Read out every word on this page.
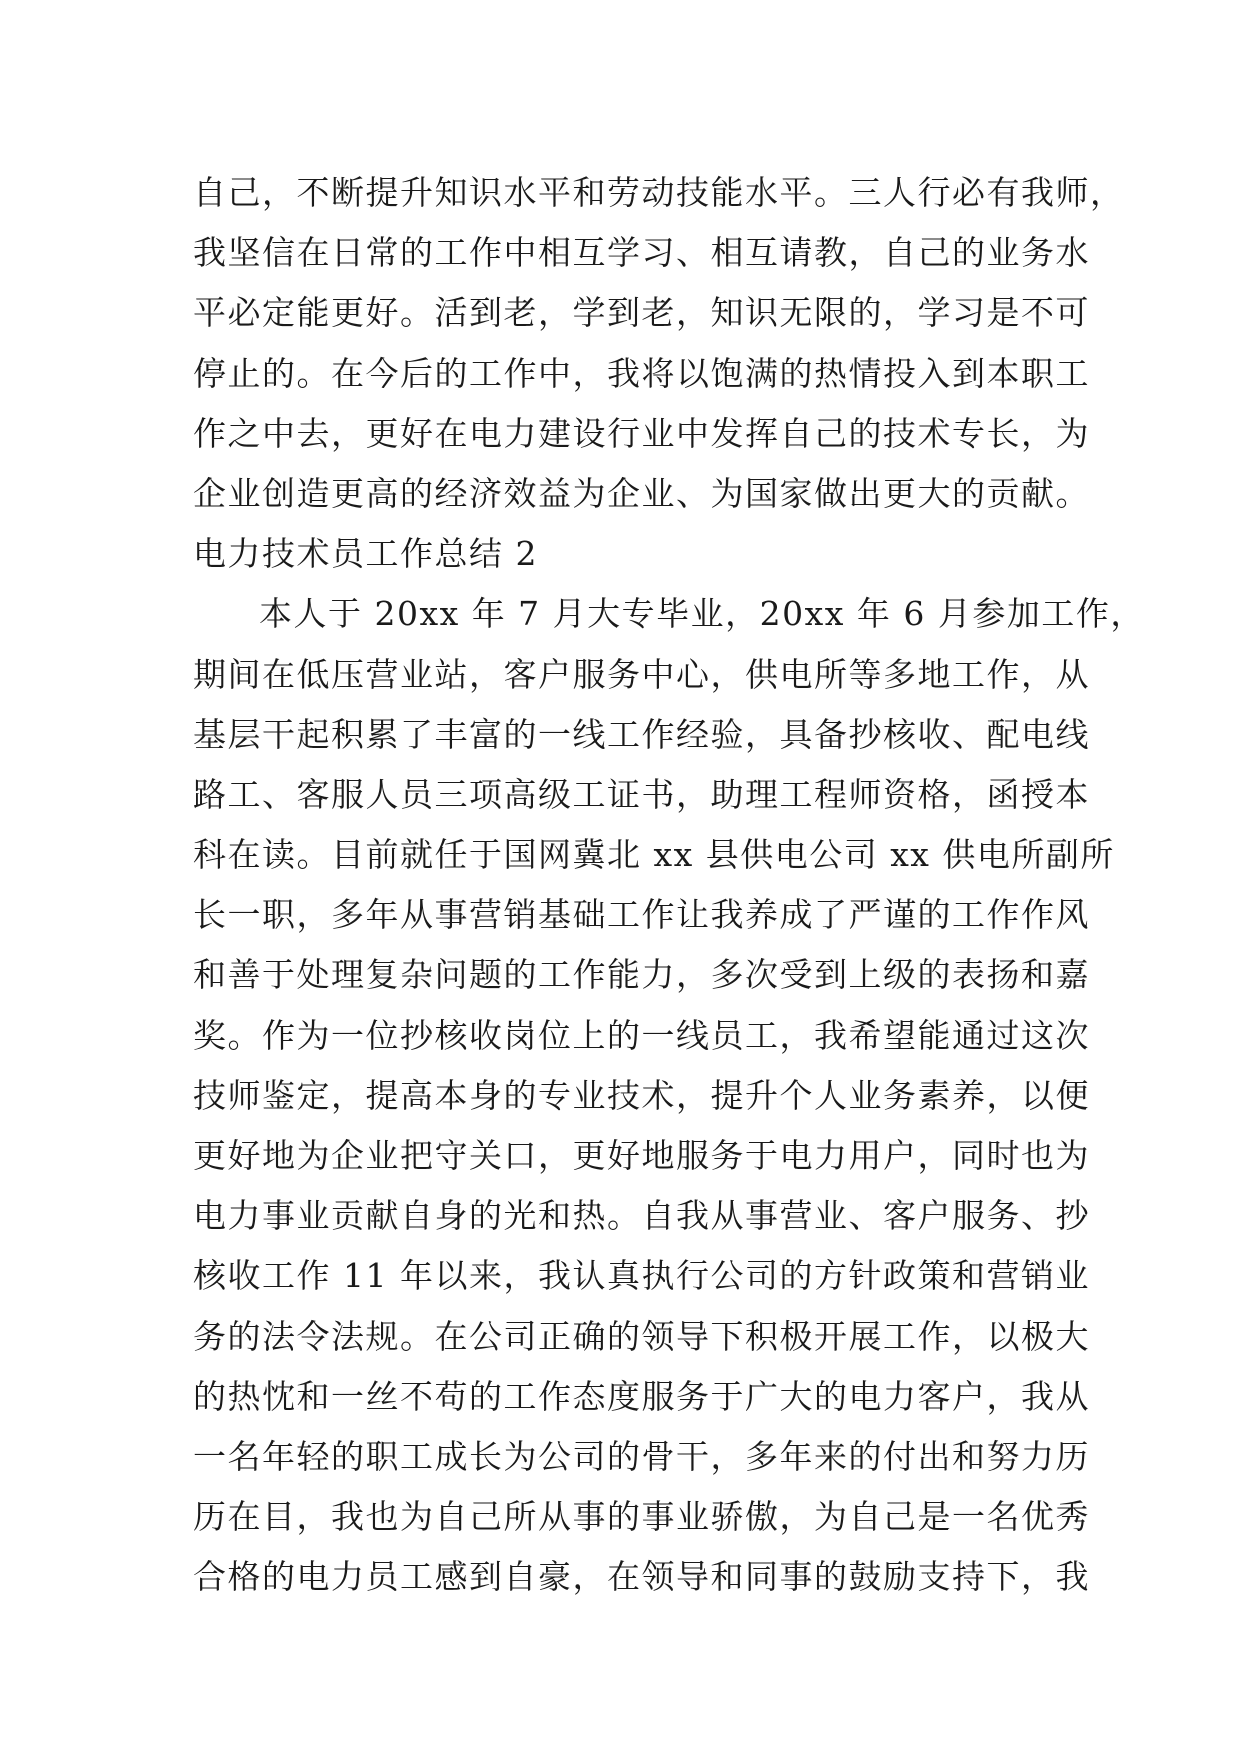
自己，不断提升知识水平和劳动技能水平。三人行必有我师，
我坚信在日常的工作中相互学习、相互请教，自己的业务水
平必定能更好。活到老，学到老，知识无限的，学习是不可
停止的。在今后的工作中，我将以饱满的热情投入到本职工
作之中去，更好在电力建设行业中发挥自己的技术专长，为
企业创造更高的经济效益为企业、为国家做出更大的贡献。
电力技术员工作总结 2
本人于 20xx 年 7 月大专毕业，20xx 年 6 月参加工作，
期间在低压营业站，客户服务中心，供电所等多地工作，从
基层干起积累了丰富的一线工作经验，具备抄核收、配电线
路工、客服人员三项高级工证书，助理工程师资格，函授本
科在读。目前就任于国网冀北 xx 县供电公司 xx 供电所副所
长一职，多年从事营销基础工作让我养成了严谨的工作作风
和善于处理复杂问题的工作能力，多次受到上级的表扬和嘉
奖。作为一位抄核收岗位上的一线员工，我希望能通过这次
技师鉴定，提高本身的专业技术，提升个人业务素养，以便
更好地为企业把守关口，更好地服务于电力用户，同时也为
电力事业贡献自身的光和热。自我从事营业、客户服务、抄
核收工作 11 年以来，我认真执行公司的方针政策和营销业
务的法令法规。在公司正确的领导下积极开展工作，以极大
的热忱和一丝不苟的工作态度服务于广大的电力客户，我从
一名年轻的职工成长为公司的骨干，多年来的付出和努力历
历在目，我也为自己所从事的事业骄傲，为自己是一名优秀
合格的电力员工感到自豪，在领导和同事的鼓励支持下，我
